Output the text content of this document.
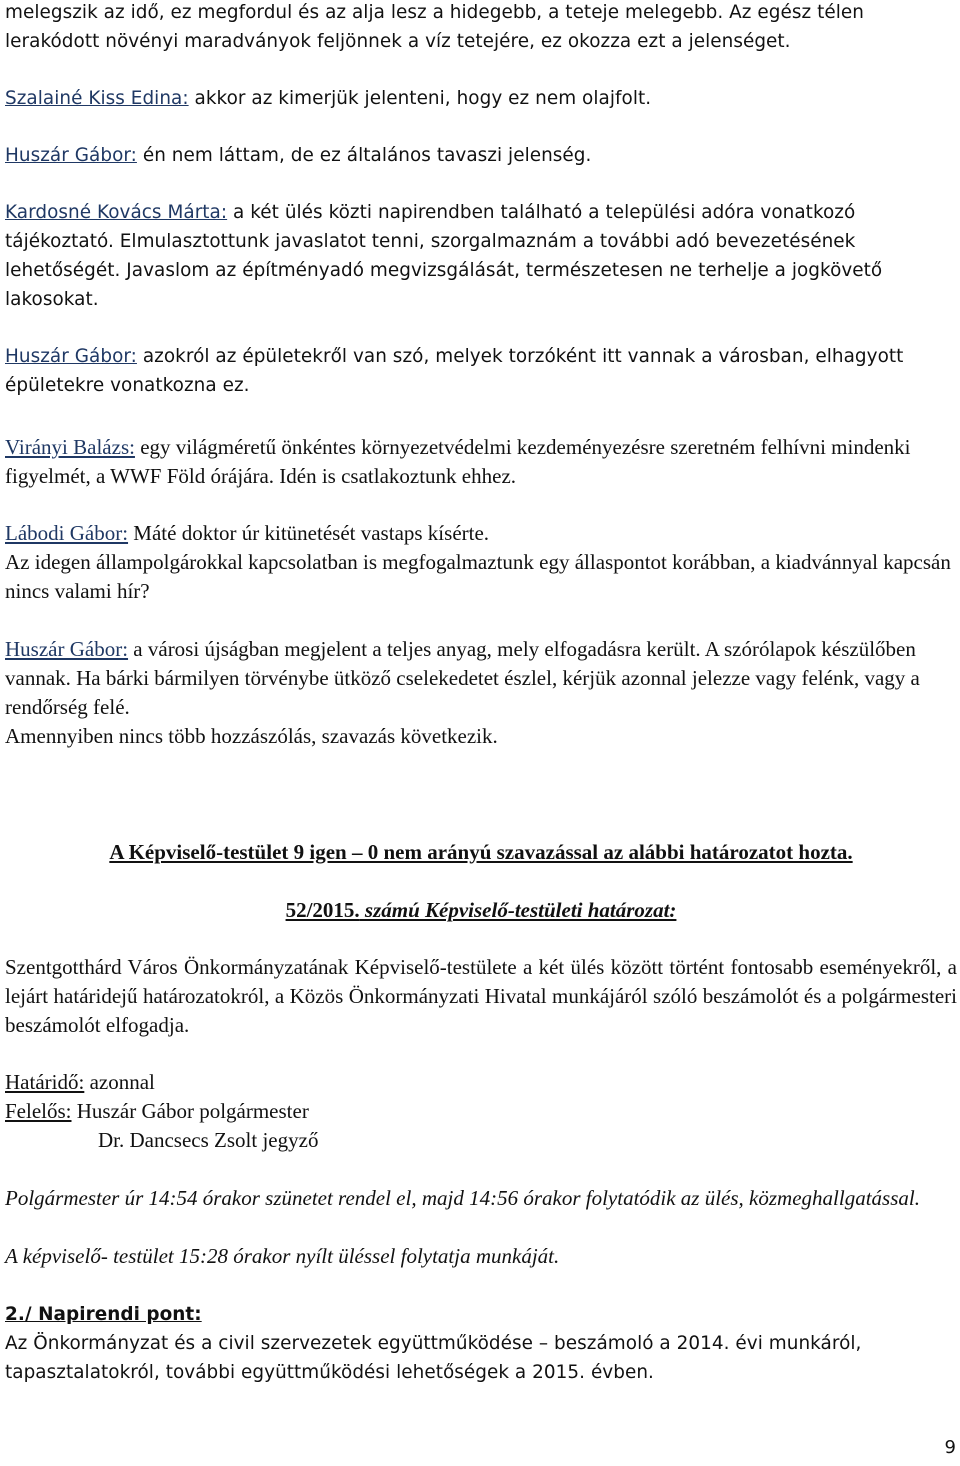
melegszik az idő, ez megfordul és az alja lesz a hidegebb, a teteje melegebb. Az egész télen lerakódott növényi maradványok feljönnek a víz tetejére, ez okozza ezt a jelenséget.

Szalainé Kiss Edina: akkor az kimerjük jelenteni, hogy ez nem olajfolt.

Huszár Gábor: én nem láttam, de ez általános tavaszi jelenség.

Kardosné Kovács Márta: a két ülés közti napirendben található a települési adóra vonatkozó tájékoztató. Elmulasztottunk javaslatot tenni, szorgalmaznám a további adó bevezetésének lehetőségét. Javaslom az építményadó megvizsgálását, természetesen ne terhelje a jogkövető lakosokat.

Huszár Gábor: azokról az épületekről van szó, melyek torzóként itt vannak a városban, elhagyott épületekre vonatkozna ez.

Virányi Balázs: egy világméretű önkéntes környezetvédelmi kezdeményezésre szeretném felhívni mindenki figyelmét, a WWF Föld órájára. Idén is csatlakoztunk ehhez.

Lábodi Gábor: Máté doktor úr kitünetését vastaps kísérte.
Az idegen állampolgárokkal kapcsolatban is megfogalmaztunk egy állaspontot korábban, a kiadvánnyal kapcsán nincs valami hír?

Huszár Gábor: a városi újságban megjelent a teljes anyag, mely elfogadásra került. A szórólapok készülőben vannak. Ha bárki bármilyen törvénybe ütköző cselekedetet észlel, kérjük azonnal jelezze vagy felénk, vagy a rendőrség felé.
Amennyiben nincs több hozzászólás, szavazás következik.

A Képviselő-testület 9 igen – 0 nem arányú szavazással az alábbi határozatot hozta.

52/2015. számú Képviselő-testületi határozat:

Szentgotthárd Város Önkormányzatának Képviselő-testülete a két ülés között történt fontosabb eseményekről, a lejárt határidejű határozatokról, a Közös Önkormányzati Hivatal munkájáról szóló beszámolót és a polgármesteri beszámolót elfogadja.

Határidő: azonnal
Felelős: Huszár Gábor polgármester
Dr. Dancsecs Zsolt jegyző

Polgármester úr 14:54 órakor szünetet rendel el, majd 14:56 órakor folytatódik az ülés, közmeghallgatással.

A képviselő- testület 15:28 órakor nyílt üléssel folytatja munkáját.

2./ Napirendi pont:
Az Önkormányzat és a civil szervezetek együttműködése – beszámoló a 2014. évi munkáról, tapasztalatokról, további együttműködési lehetőségek a 2015. évben.

9
